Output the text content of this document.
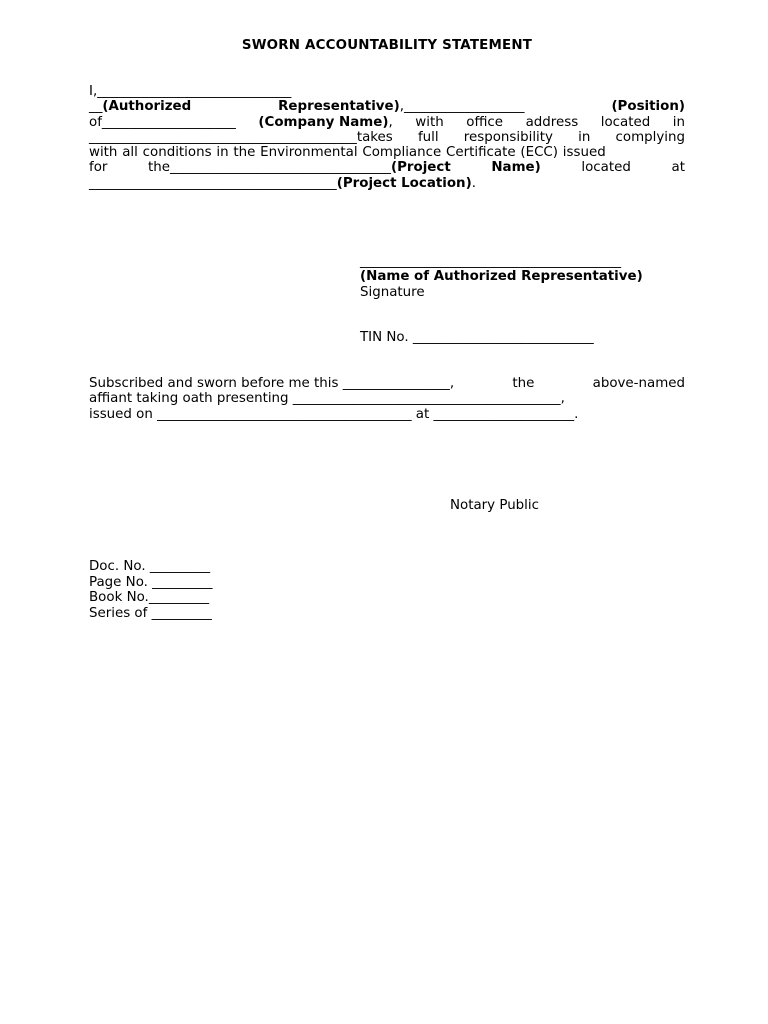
SWORN ACCOUNTABILITY STATEMENT
I,_____________________________
__(Authorized	Representative),__________________	(Position)
of____________________ (Company Name), with office address located in
________________________________________takes full responsibility in complying
with all conditions in the Environmental Compliance Certificate (ECC) issued
for	the_________________________________(Project	Name)	located	at
_____________________________________(Project Location).
_______________________________________
(Name of Authorized Representative)
Signature
TIN No. ___________________________
Subscribed and sworn before me this ________________,	the	above-named
affiant taking oath presenting ________________________________________,
issued on ______________________________________ at _____________________.
Notary Public
Doc. No. _________
Page No. _________
Book No._________
Series of _________
